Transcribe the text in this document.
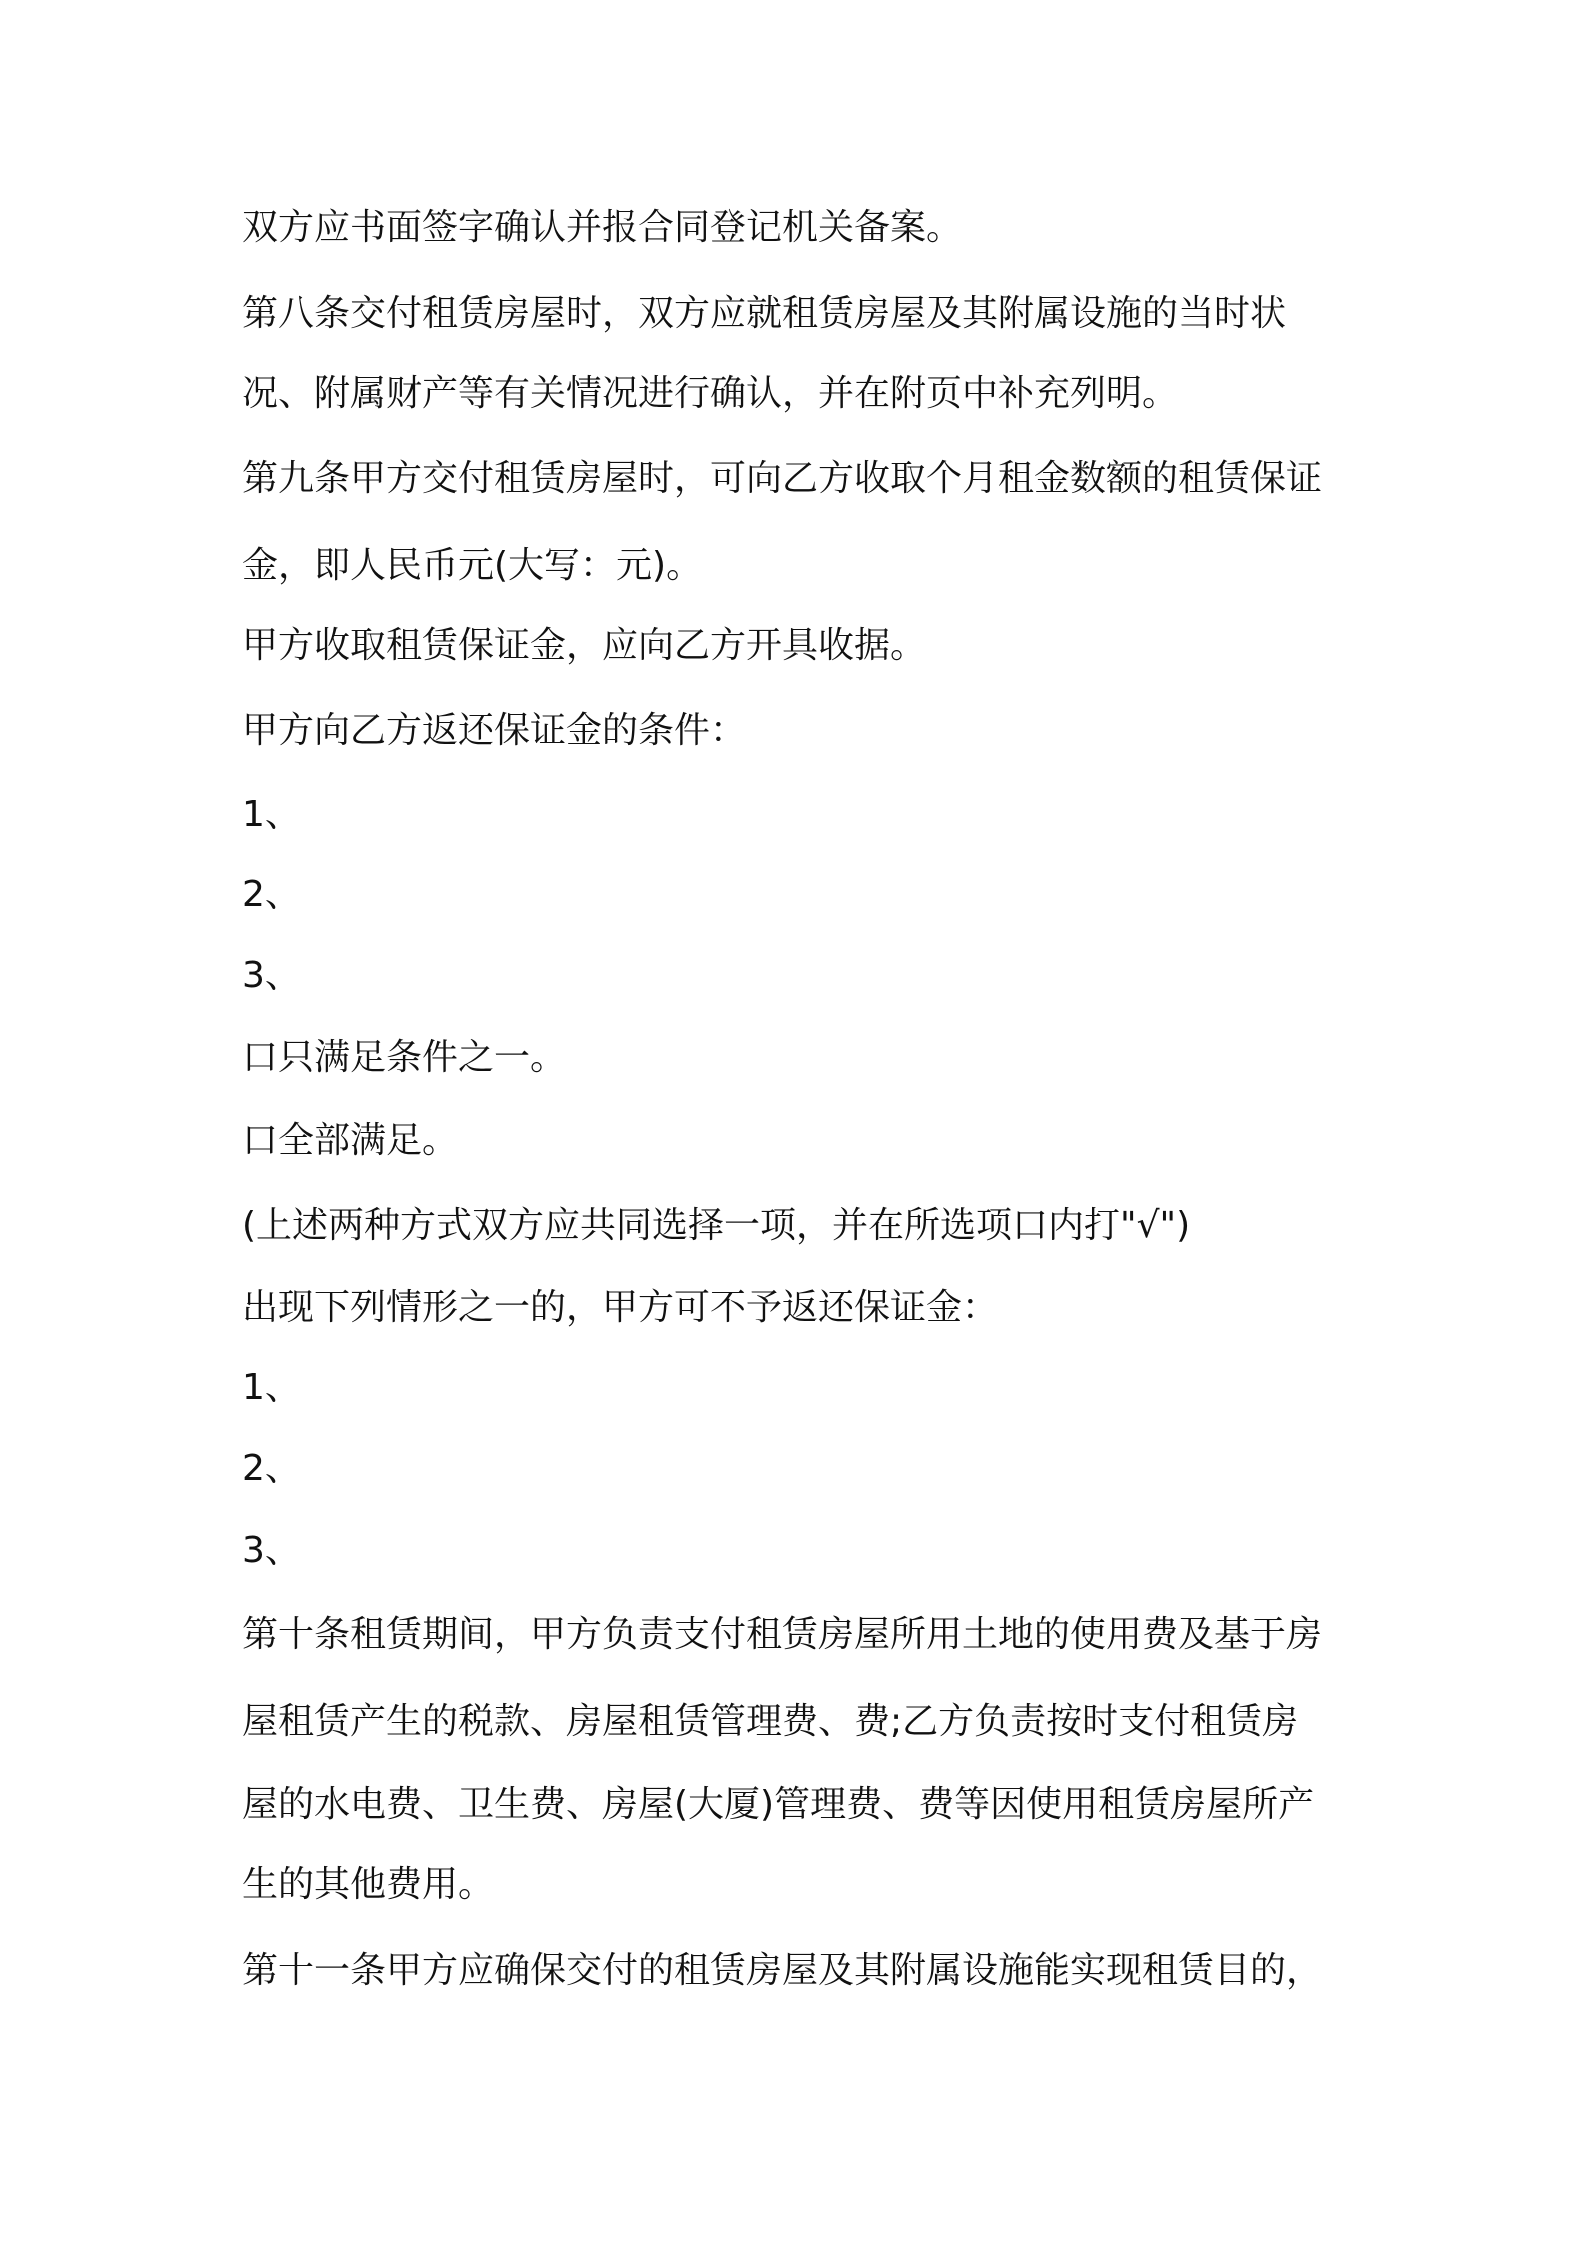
双方应书面签字确认并报合同登记机关备案。

第八条交付租赁房屋时，双方应就租赁房屋及其附属设施的当时状

况、附属财产等有关情况进行确认，并在附页中补充列明。

第九条甲方交付租赁房屋时，可向乙方收取个月租金数额的租赁保证

金，即人民币元(大写：元)。

甲方收取租赁保证金，应向乙方开具收据。

甲方向乙方返还保证金的条件：

1、

2、

3、

口只满足条件之一。

口全部满足。

(上述两种方式双方应共同选择一项，并在所选项口内打"√")

出现下列情形之一的，甲方可不予返还保证金：

1、

2、

3、

第十条租赁期间，甲方负责支付租赁房屋所用土地的使用费及基于房

屋租赁产生的税款、房屋租赁管理费、费;乙方负责按时支付租赁房

屋的水电费、卫生费、房屋(大厦)管理费、费等因使用租赁房屋所产

生的其他费用。

第十一条甲方应确保交付的租赁房屋及其附属设施能实现租赁目的，
